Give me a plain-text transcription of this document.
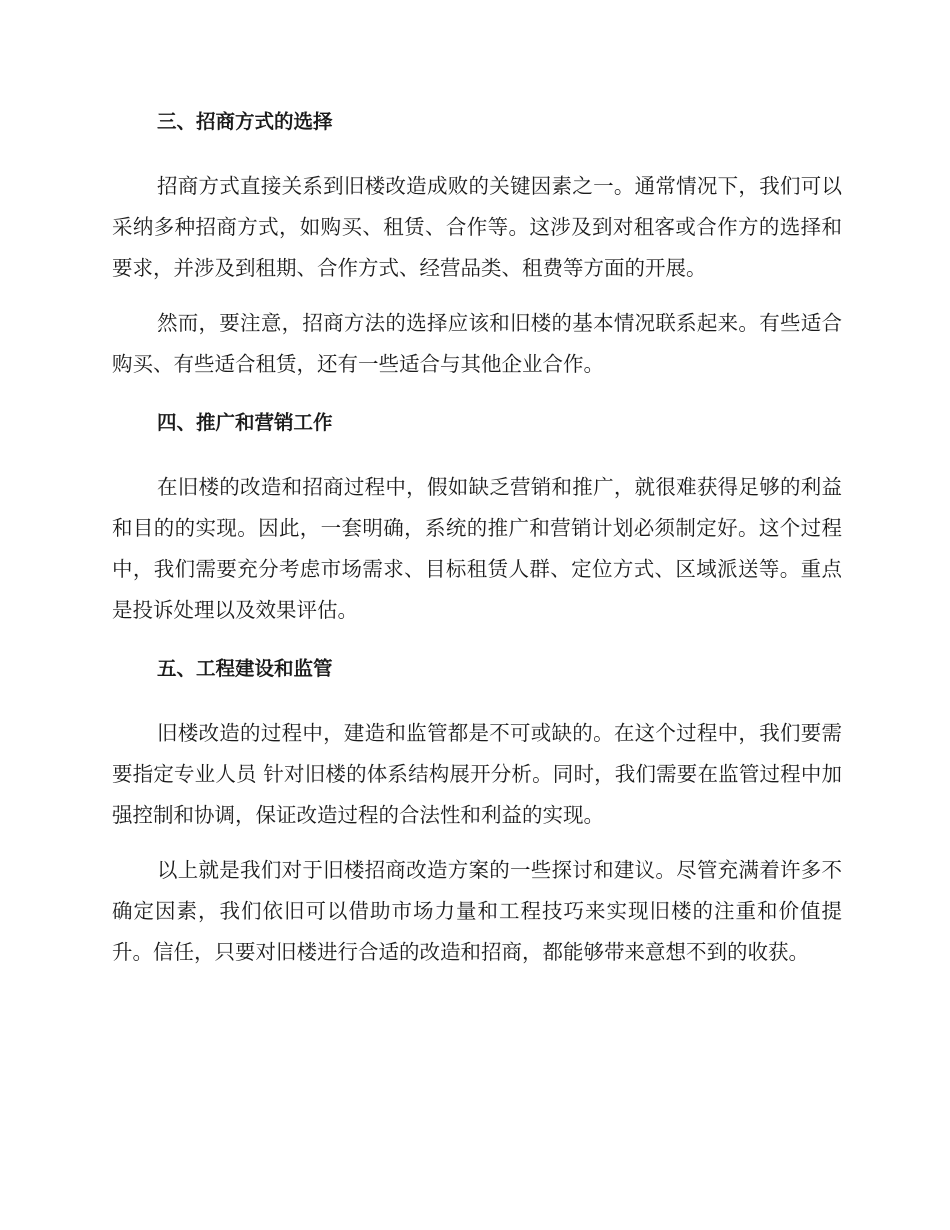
三、招商方式的选择

招商方式直接关系到旧楼改造成败的关键因素之一。通常情况下，我们可以采纳多种招商方式，如购买、租赁、合作等。这涉及到对租客或合作方的选择和要求，并涉及到租期、合作方式、经营品类、租费等方面的开展。

然而，要注意，招商方法的选择应该和旧楼的基本情况联系起来。有些适合购买、有些适合租赁，还有一些适合与其他企业合作。

四、推广和营销工作

在旧楼的改造和招商过程中，假如缺乏营销和推广，就很难获得足够的利益和目的的实现。因此，一套明确，系统的推广和营销计划必须制定好。这个过程中，我们需要充分考虑市场需求、目标租赁人群、定位方式、区域派送等。重点是投诉处理以及效果评估。

五、工程建设和监管

旧楼改造的过程中，建造和监管都是不可或缺的。在这个过程中，我们要需要指定专业人员 针对旧楼的体系结构展开分析。同时，我们需要在监管过程中加强控制和协调，保证改造过程的合法性和利益的实现。

以上就是我们对于旧楼招商改造方案的一些探讨和建议。尽管充满着许多不确定因素，我们依旧可以借助市场力量和工程技巧来实现旧楼的注重和价值提升。信任，只要对旧楼进行合适的改造和招商，都能够带来意想不到的收获。
